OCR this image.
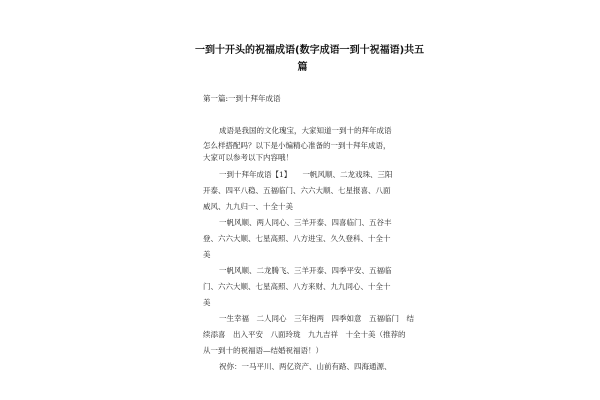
一到十开头的祝福成语(数字成语一到十祝福语)共五
篇
第一篇:一到十拜年成语
成语是我国的文化瑰宝，大家知道一到十的拜年成语
怎么样搭配吗？以下是小编精心准备的一到十拜年成语，
大家可以参考以下内容哦！
一到十拜年成语【1】　　一帆风顺、二龙戏珠、三阳
开泰、四平八稳、五福临门、六六大顺、七星报喜、八面
威风、九九归一、十全十美
一帆风顺、两人同心、三羊开泰、四喜临门、五谷丰
登、六六大顺、七星高照、八方进宝、久久登科、十全十
美
一帆风顺、二龙腾飞、三羊开泰、四季平安、五福临
门、六六大顺、七星高照、八方来财、九九同心、十全十
美
一生幸福　二人同心　三年抱两　四季如意　五福临门　结
续添喜　出入平安　八面玲珑　九九吉祥　十全十美（推荐的
从一到十的祝福语—结婚祝福语！）
祝你：一马平川、两亿资产、山前有路、四海通源、
